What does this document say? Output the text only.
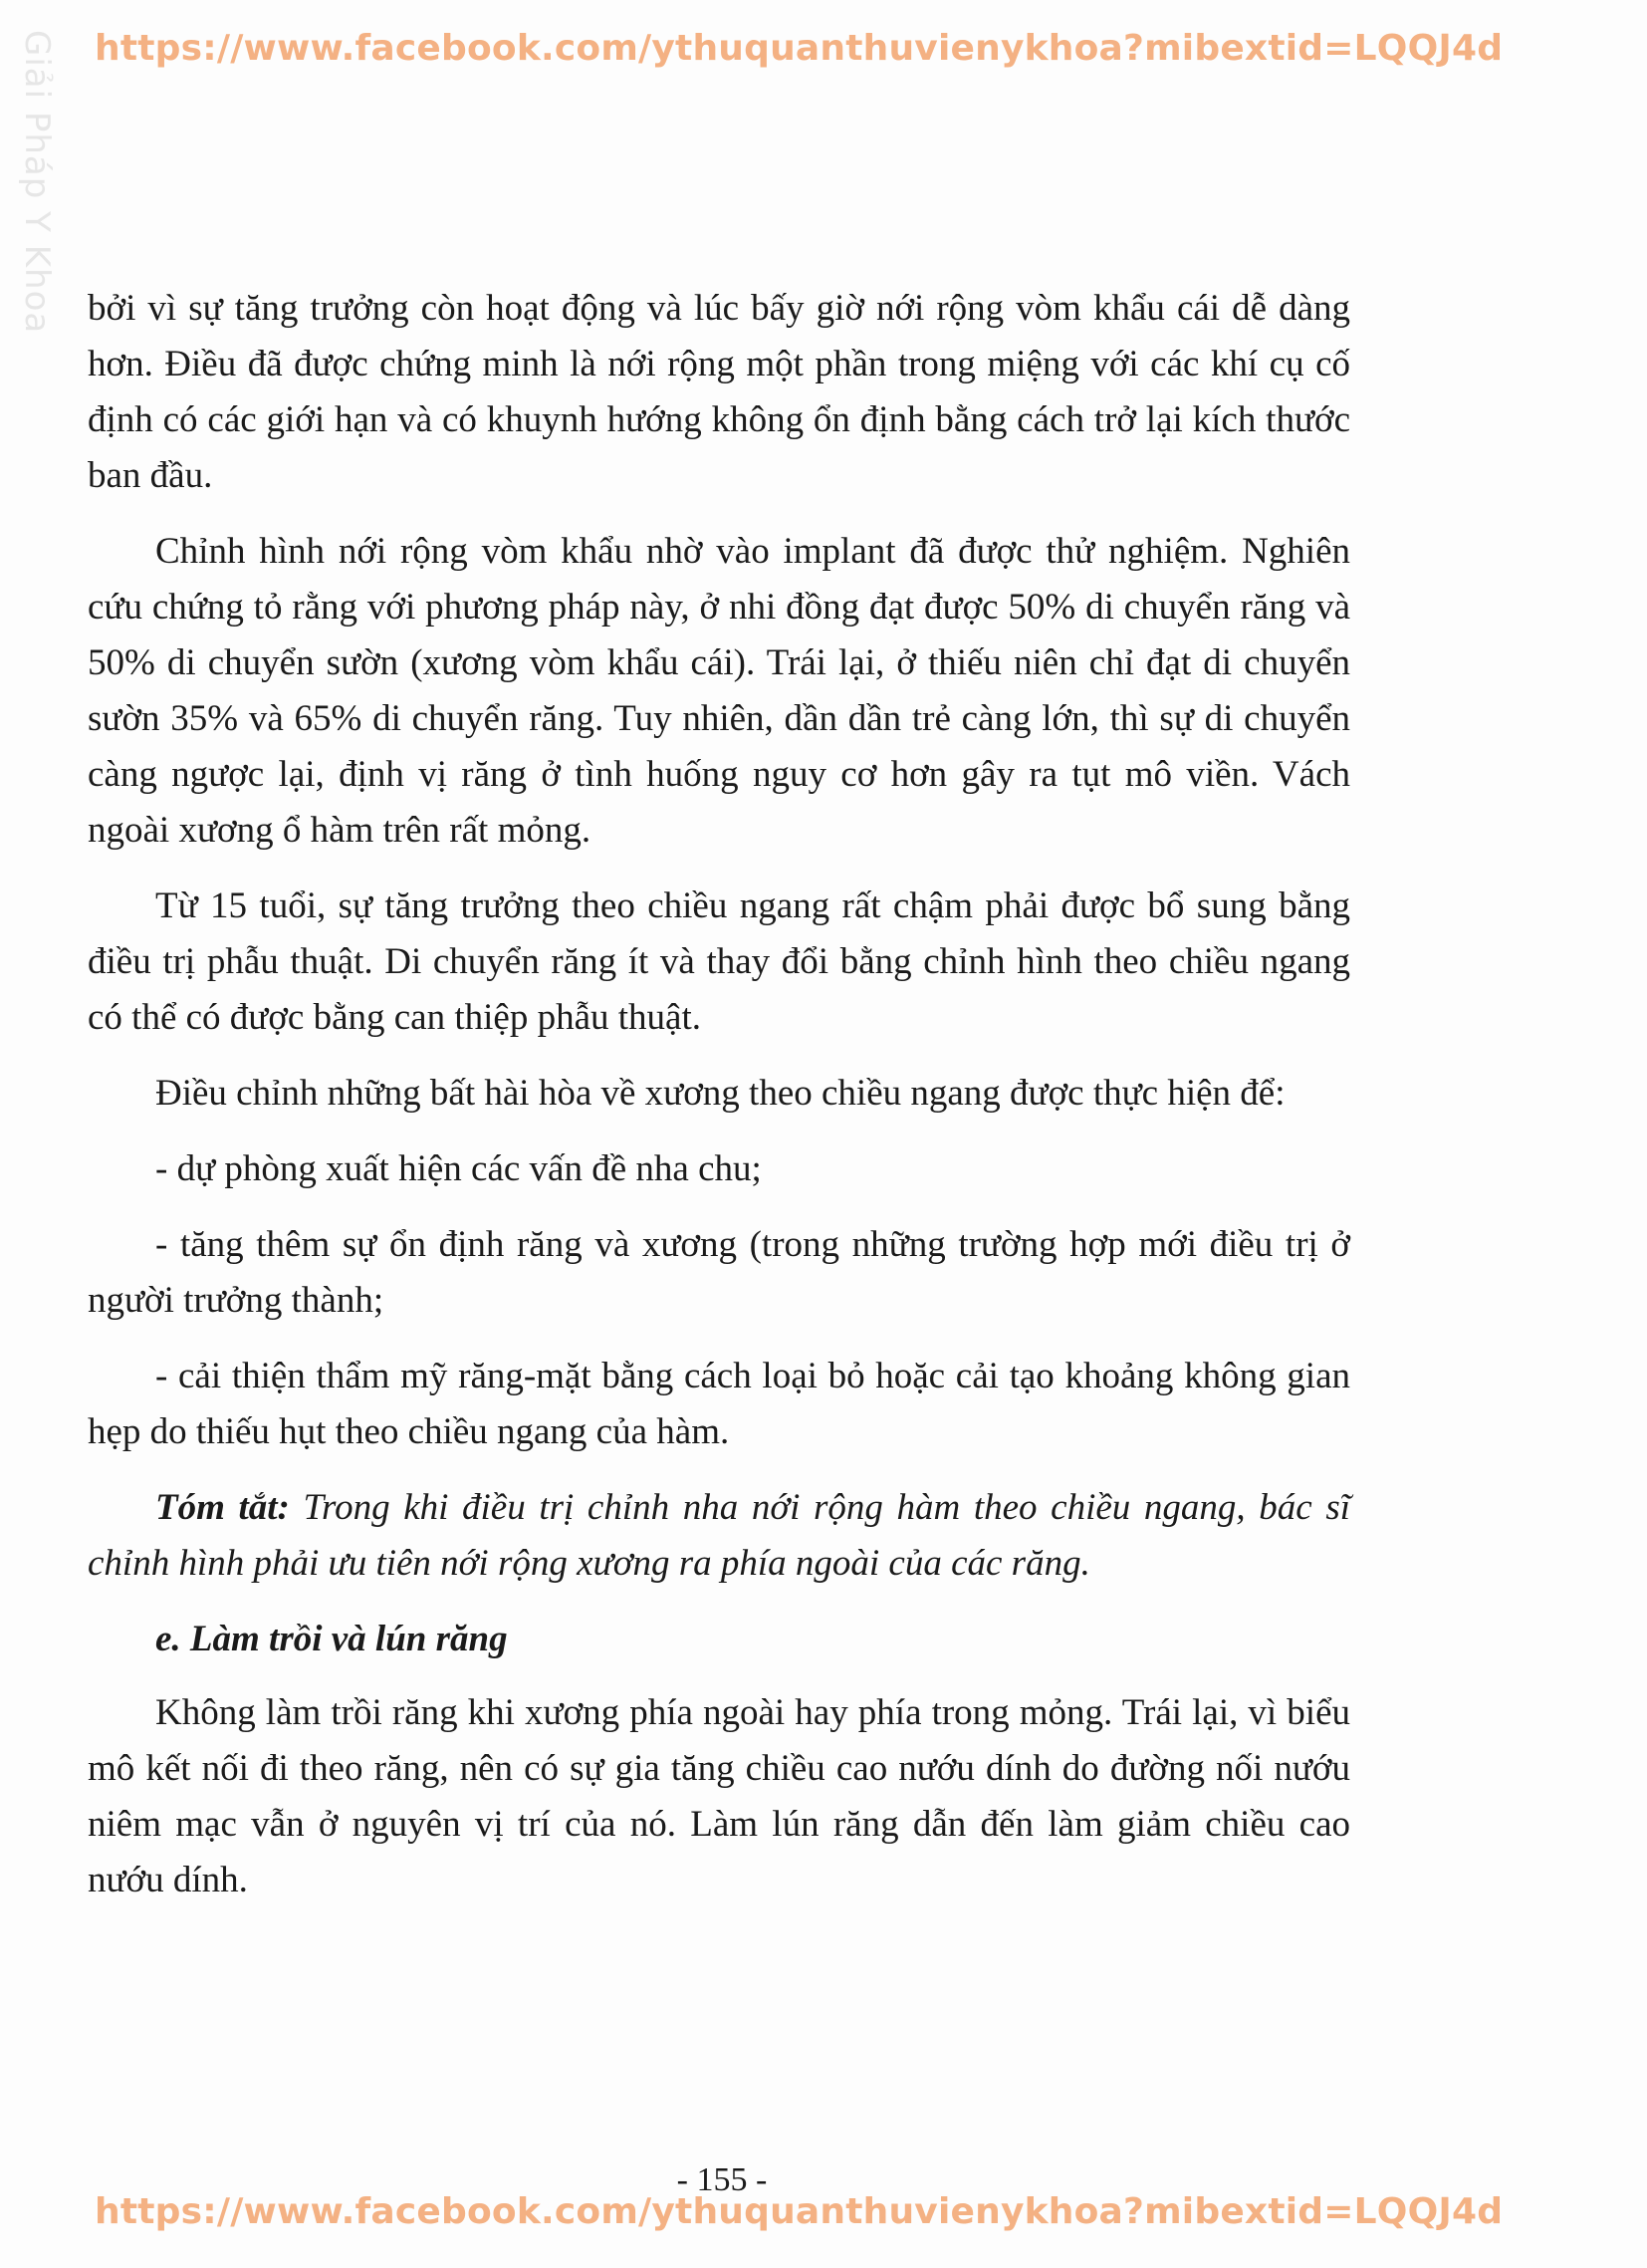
https://www.facebook.com/ythuquanthuvienykhoa?mibextid=LQQJ4d
Giải Pháp Y Khoa bởi vì sự tăng trưởng còn hoạt động và lúc bấy giờ nới rộng vòm khẩu cái dễ dàng hơn. Điều đã được chứng minh là nới rộng một phần trong miệng với các khí cụ cố định có các giới hạn và có khuynh hướng không ổn định bằng cách trở lại kích thước ban đầu.

Chỉnh hình nới rộng vòm khẩu nhờ vào implant đã được thử nghiệm. Nghiên cứu chứng tỏ rằng với phương pháp này, ở nhi đồng đạt được 50% di chuyển răng và 50% di chuyển sườn (xương vòm khẩu cái). Trái lại, ở thiếu niên chỉ đạt di chuyển sườn 35% và 65% di chuyển răng. Tuy nhiên, dần dần trẻ càng lớn, thì sự di chuyển càng ngược lại, định vị răng ở tình huống nguy cơ hơn gây ra tụt mô viền. Vách ngoài xương ổ hàm trên rất mỏng.

Từ 15 tuổi, sự tăng trưởng theo chiều ngang rất chậm phải được bổ sung bằng điều trị phẫu thuật. Di chuyển răng ít và thay đổi bằng chỉnh hình theo chiều ngang có thể có được bằng can thiệp phẫu thuật.

Điều chỉnh những bất hài hòa về xương theo chiều ngang được thực hiện để:

- dự phòng xuất hiện các vấn đề nha chu;

- tăng thêm sự ổn định răng và xương (trong những trường hợp mới điều trị ở người trưởng thành;

- cải thiện thẩm mỹ răng-mặt bằng cách loại bỏ hoặc cải tạo khoảng không gian hẹp do thiếu hụt theo chiều ngang của hàm.

Tóm tắt: Trong khi điều trị chỉnh nha nới rộng hàm theo chiều ngang, bác sĩ chỉnh hình phải ưu tiên nới rộng xương ra phía ngoài của các răng.

e. Làm trồi và lún răng

Không làm trồi răng khi xương phía ngoài hay phía trong mỏng. Trái lại, vì biểu mô kết nối đi theo răng, nên có sự gia tăng chiều cao nướu dính do đường nối nướu niêm mạc vẫn ở nguyên vị trí của nó. Làm lún răng dẫn đến làm giảm chiều cao nướu dính.

- 155 -
https://www.facebook.com/ythuquanthuvienykhoa?mibextid=LQQJ4d
